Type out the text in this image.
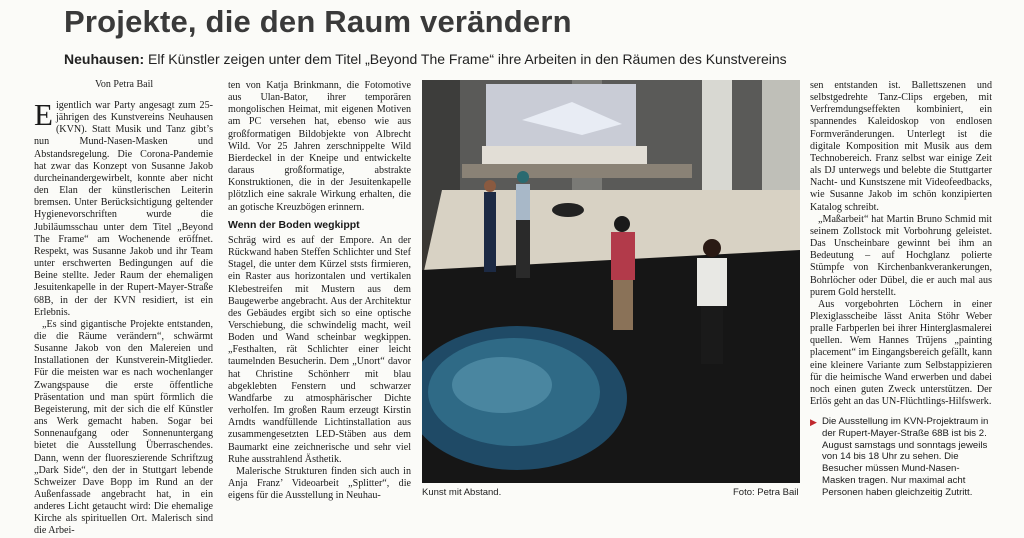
Projekte, die den Raum verändern
Neuhausen: Elf Künstler zeigen unter dem Titel „Beyond The Frame“ ihre Arbeiten in den Räumen des Kunstvereins
Von Petra Bail

Eigentlich war Party angesagt zum 25-jährigen des Kunstvereins Neuhausen (KVN). Statt Musik und Tanz gibt’s nun Mund-Nasen-Masken und Abstandsregelung. Die Corona-Pandemie hat zwar das Konzept von Susanne Jakob durcheinandergewirbelt, konnte aber nicht den Elan der künstlerischen Leiterin bremsen. Unter Berücksichtigung geltender Hygienevorschriften wurde die Jubiläumsschau unter dem Titel „Beyond The Frame“ am Wochenende eröffnet. Respekt, was Susanne Jakob und ihr Team unter erschwerten Bedingungen auf die Beine stellte. Jeder Raum der ehemaligen Jesuitenkapelle in der Rupert-Mayer-Straße 68B, in der der KVN residiert, ist ein Erlebnis.

„Es sind gigantische Projekte entstanden, die die Räume verändern“, schwärmt Susanne Jakob von den Malereien und Installationen der Kunstverein-Mitglieder. Für die meisten war es nach wochenlanger Zwangspause die erste öffentliche Präsentation und man spürt förmlich die Begeisterung, mit der sich die elf Künstler ans Werk gemacht haben. Sogar bei Sonnenaufgang oder Sonnenuntergang bietet die Ausstellung Überraschendes. Dann, wenn der fluoreszierende Schriftzug „Dark Side“, den der in Stuttgart lebende Schweizer Dave Bopp im Rund an der Außenfassade angebracht hat, in ein anderes Licht getaucht wird: Die ehemalige Kirche als spirituellen Ort. Malerisch sind die Arbei-

ten von Katja Brinkmann, die Fotomotive aus Ulan-Bator, ihrer temporären mongolischen Heimat, mit eigenen Motiven am PC versehen hat, ebenso wie aus großformatigen Bildobjekte von Albrecht Wild. Vor 25 Jahren zerschnippelte Wild Bierdeckel in der Kneipe und entwickelte daraus großformatige, abstrakte Konstruktionen, die in der Jesuitenkapelle plötzlich eine sakrale Wirkung erhalten, die an gotische Kreuzbögen erinnern.

Wenn der Boden wegkippt

Schräg wird es auf der Empore. An der Rückwand haben Steffen Schlichter und Stef Stagel, die unter dem Kürzel ststs firmieren, ein Raster aus horizontalen und vertikalen Klebestreifen mit Mustern aus dem Baugewerbe angebracht. Aus der Architektur des Gebäudes ergibt sich so eine optische Verschiebung, die schwindelig macht, weil Boden und Wand scheinbar wegkippen. „Festhalten, rät Schlichter einer leicht taumelnden Besucherin. Dem „Unort“ davor hat Christine Schönherr mit blau abgeklebten Fenstern und schwarzer Wandfarbe zu atmosphärischer Dichte verholfen. Im großen Raum erzeugt Kirstin Arndts wandfüllende Lichtinstallation aus zusammengesetzten LED-Stäben aus dem Baumarkt eine zeichnerische und sehr viel Ruhe ausstrahlend Ästhetik.

Malerische Strukturen finden sich auch in Anja Franz’ Videoarbeit „Splitter“, die eigens für die Ausstellung in Neuhau-	Kunst mit Abstand.	Foto: Petra Bail

sen entstanden ist. Ballettszenen und selbstgedrehte Tanz-Clips ergeben, mit Verfremdungseffekten kombiniert, ein spannendes Kaleidoskop von endlosen Formveränderungen. Unterlegt ist die digitale Komposition mit Musik aus dem Technobereich. Franz selbst war einige Zeit als DJ unterwegs und belebte die Stuttgarter Nacht- und Kunstszene mit Videofeedbacks, wie Susanne Jakob im schön konzipierten Katalog schreibt.

„Maßarbeit“ hat Martin Bruno Schmid mit seinem Zollstock mit Vorbohrung geleistet. Das Unscheinbare gewinnt bei ihm an Bedeutung – auf Hochglanz polierte Stümpfe von Kirchenbankverankerungen, Bohrlöcher oder Dübel, die er auch mal aus purem Gold herstellt.

Aus vorgebohrten Löchern in einer Plexiglasscheibe lässt Anita Stöhr Weber pralle Farbperlen bei ihrer Hinterglasmalerei quellen. Wem Hannes Trüjens „painting placement“ im Eingangsbereich gefällt, kann eine kleinere Variante zum Selbstappizieren für die heimische Wand erwerben und dabei noch einen guten Zweck unterstützen. Der Erlös geht an das UN-Flüchtlings-Hilfswerk.

▶ Die Ausstellung im KVN-Projektraum in der Rupert-Mayer-Straße 68B ist bis 2. August samstags und sonntags jeweils von 14 bis 18 Uhr zu sehen. Die Besucher müssen Mund-Nasen-Masken tragen. Nur maximal acht Personen haben gleichzeitig Zutritt.
